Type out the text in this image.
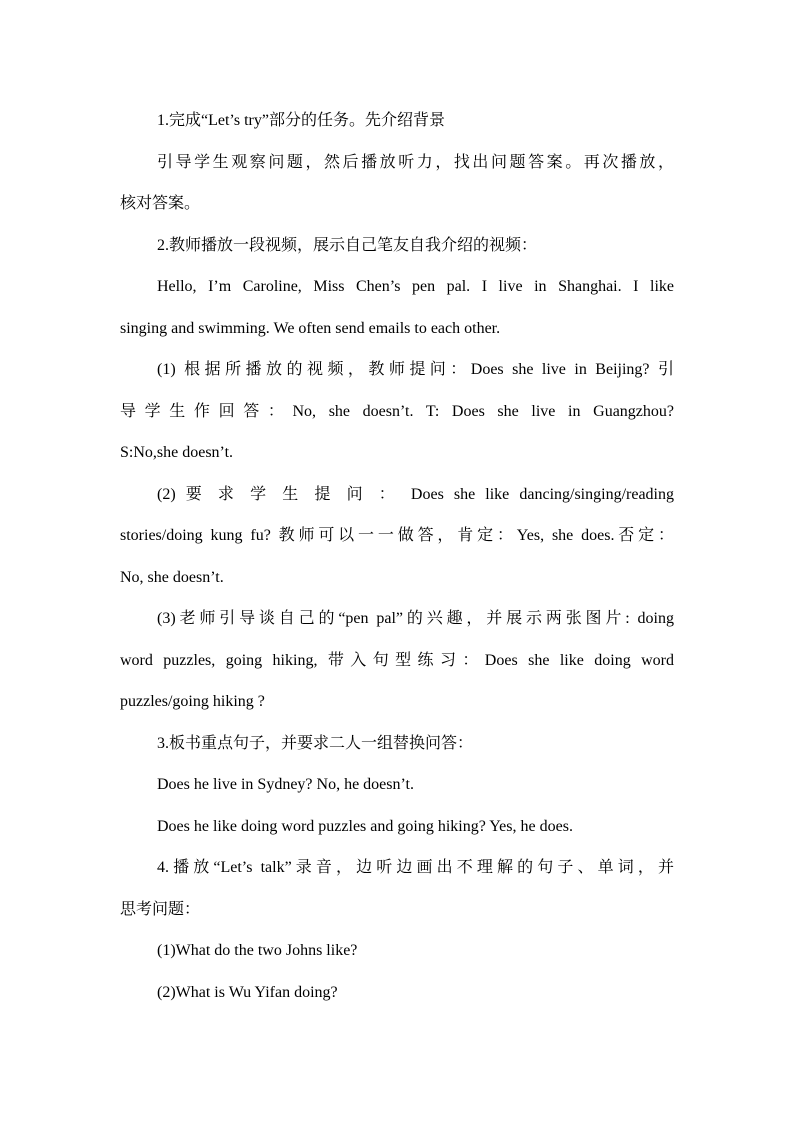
1.完成“Let’s try”部分的任务。先介绍背景

引导学生观察问题，然后播放听力，找出问题答案。再次播放，

核对答案。

2.教师播放一段视频，展示自己笔友自我介绍的视频：

Hello, I’m Caroline, Miss Chen’s pen pal. I live in Shanghai. I like

singing and swimming. We often send emails to each other.

(1) 根据所播放的视频，教师提问：Does she live in Beijing? 引

导学生作回答：No, she doesn’t. T: Does she live in Guangzhou?

S:No,she doesn’t.

(2) 要 求 学 生 提 问 ： Does she like dancing/singing/reading

stories/doing kung fu? 教师可以一一做答，肯定：Yes, she does.否定：

No, she doesn’t.

(3)老师引导谈自己的“pen pal”的兴趣，并展示两张图片: doing

word puzzles, going hiking, 带入句型练习：Does she like doing word

puzzles/going hiking ?

3.板书重点句子，并要求二人一组替换问答：

Does he live in Sydney? No, he doesn’t.

Does he like doing word puzzles and going hiking? Yes, he does.

4.播放“Let’s talk”录音，边听边画出不理解的句子、单词，并

思考问题：

(1)What do the two Johns like?

(2)What is Wu Yifan doing?
